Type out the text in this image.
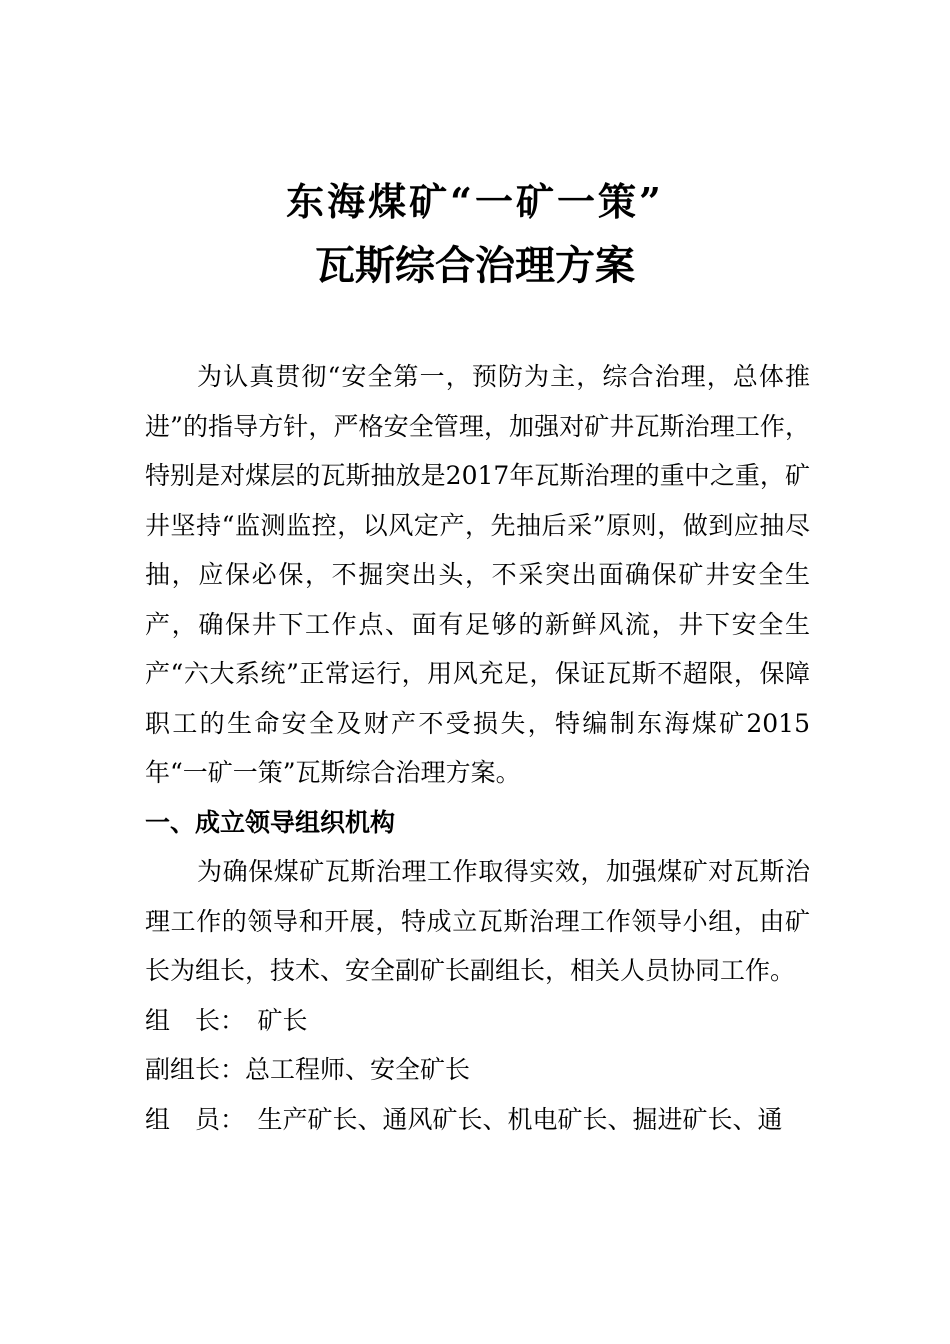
东海煤矿“一矿一策”
瓦斯综合治理方案

为认真贯彻“安全第一，预防为主，综合治理，总体推进”的指导方针，严格安全管理，加强对矿井瓦斯治理工作，特别是对煤层的瓦斯抽放是2017年瓦斯治理的重中之重，矿井坚持“监测监控，以风定产，先抽后采”原则，做到应抽尽抽，应保必保，不掘突出头，不采突出面确保矿井安全生产，确保井下工作点、面有足够的新鲜风流，井下安全生产“六大系统”正常运行，用风充足，保证瓦斯不超限，保障职工的生命安全及财产不受损失，特编制东海煤矿2015年“一矿一策”瓦斯综合治理方案。

一、成立领导组织机构

为确保煤矿瓦斯治理工作取得实效，加强煤矿对瓦斯治理工作的领导和开展，特成立瓦斯治理工作领导小组，由矿长为组长，技术、安全副矿长副组长，相关人员协同工作。

组　长：　矿长

副组长：总工程师、安全矿长

组　员：　生产矿长、通风矿长、机电矿长、掘进矿长、通
